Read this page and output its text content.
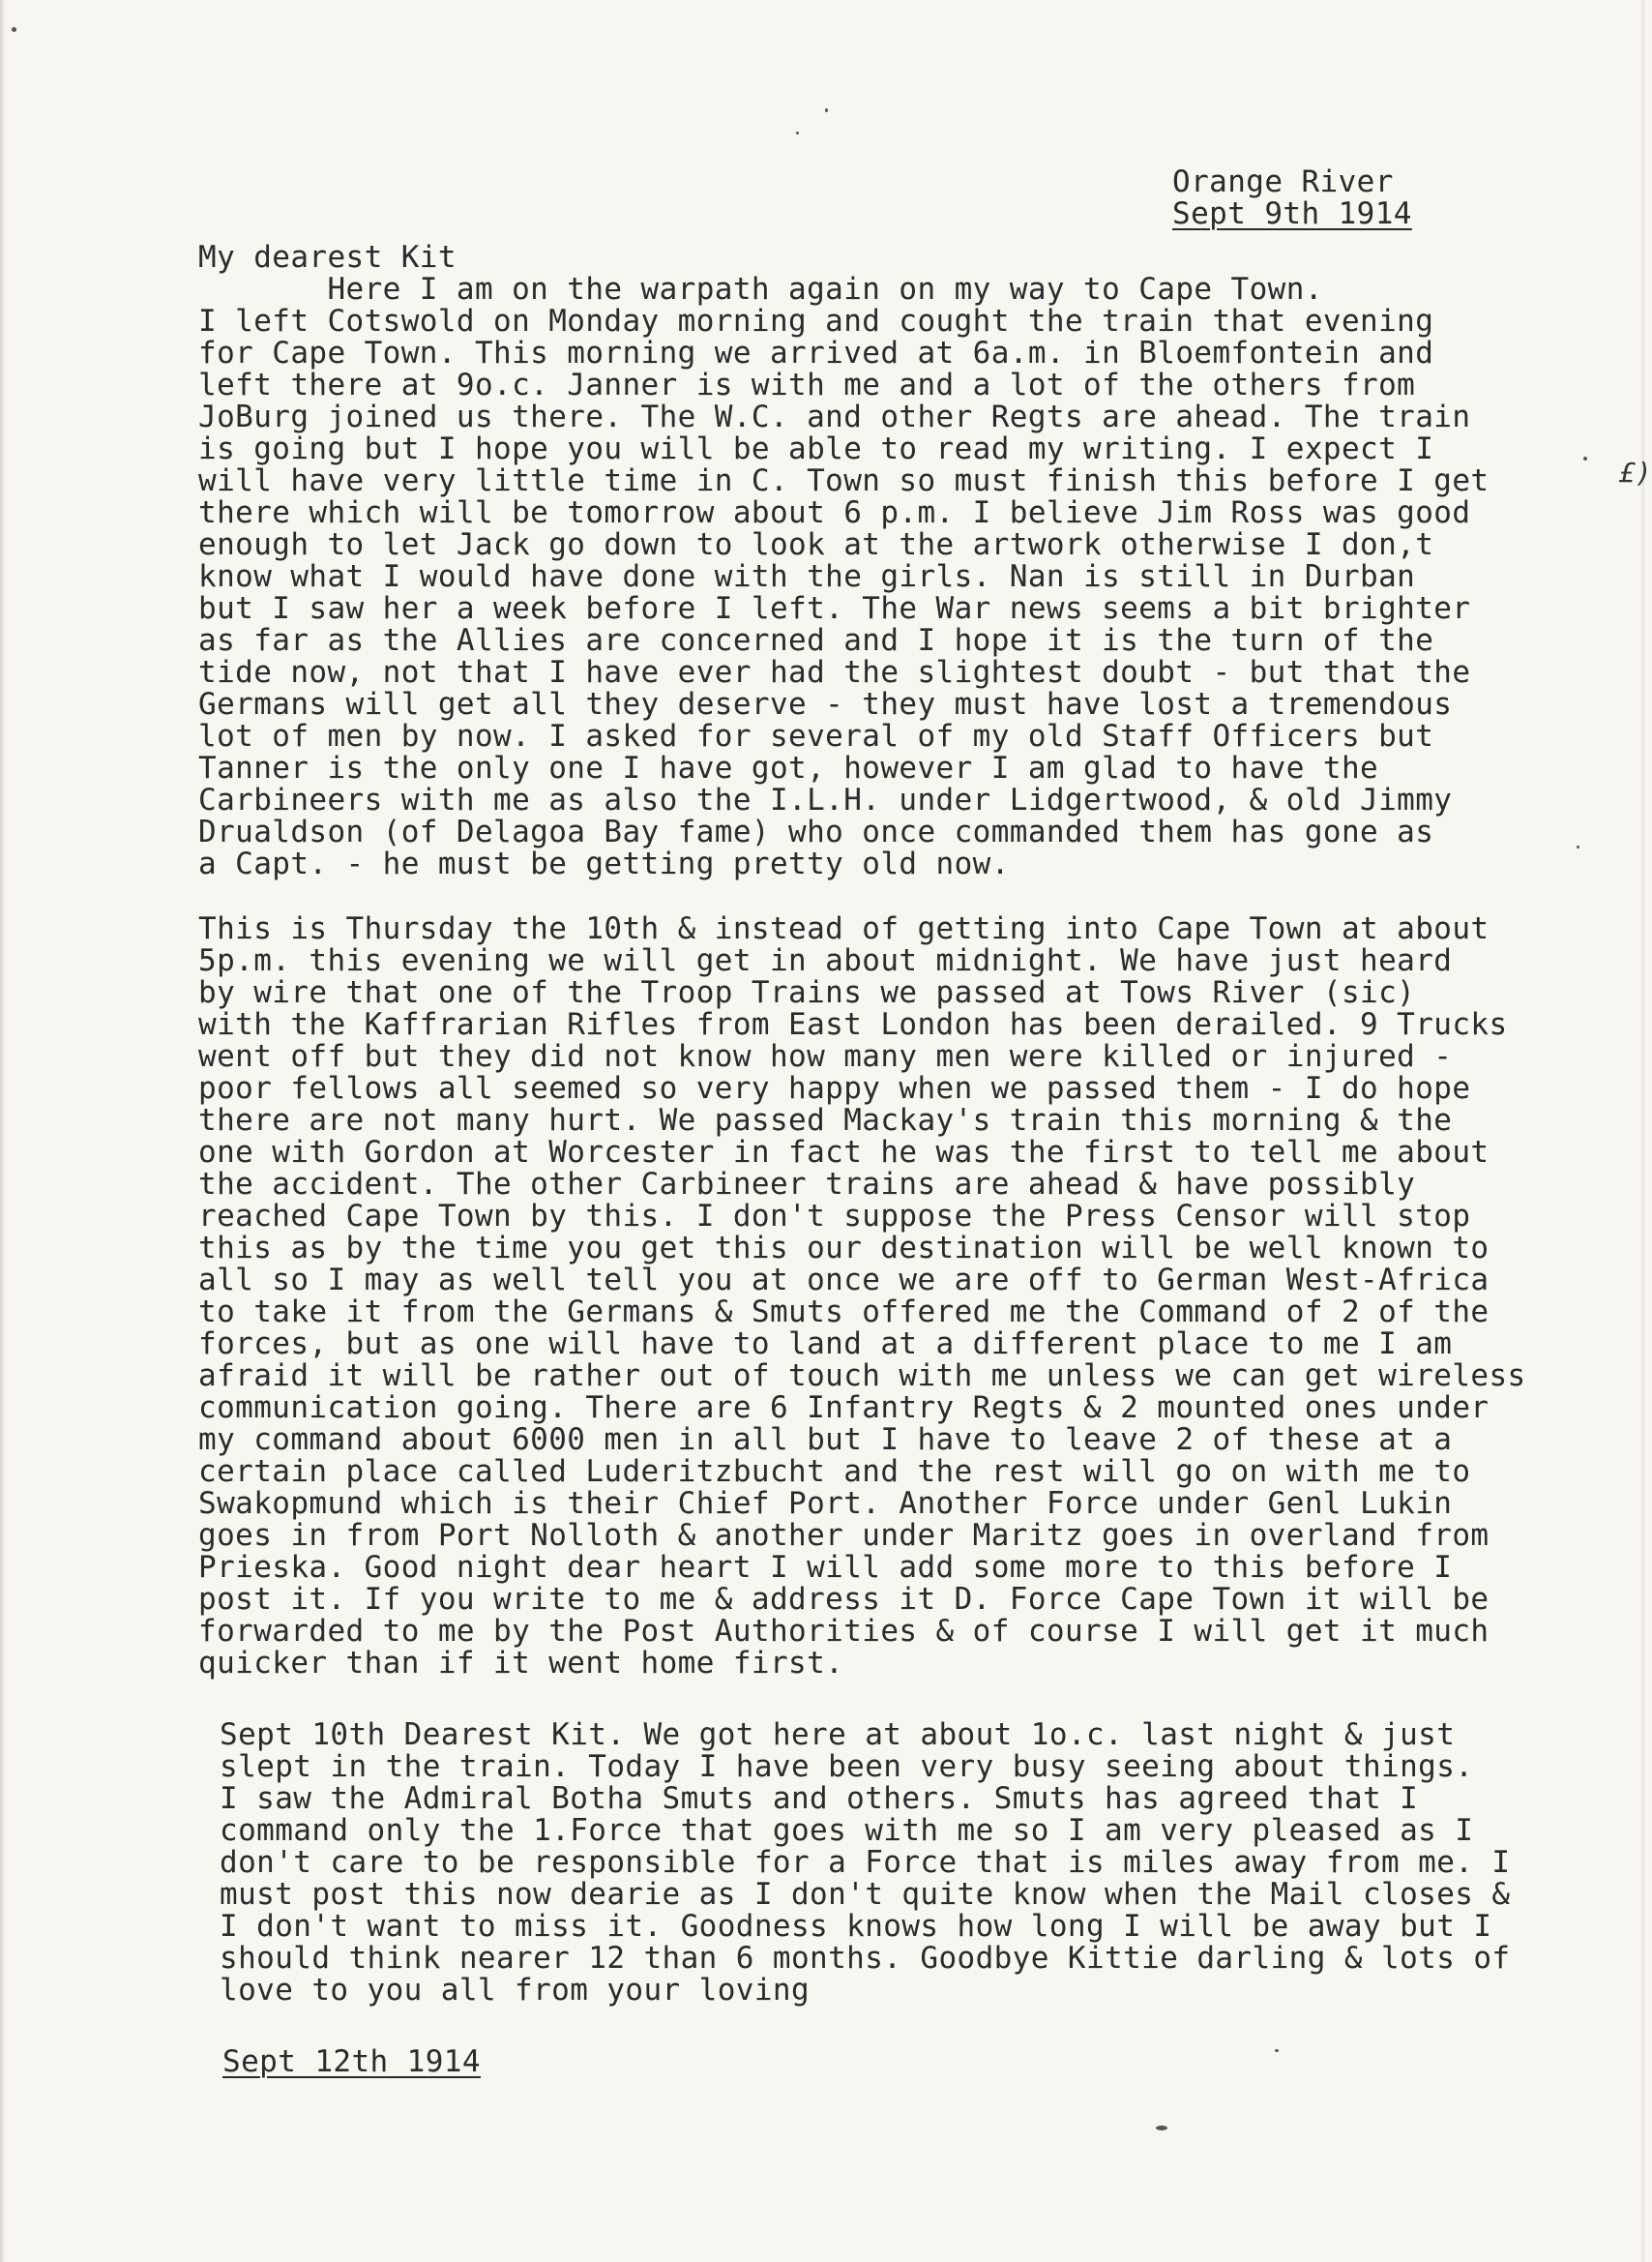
Orange River
Sept 9th 1914
My dearest Kit
£)
Here I am on the warpath again on my way to Cape Town.
I left Cotswold on Monday morning and cought the train that evening
for Cape Town. This morning we arrived at 6a.m. in Bloemfontein and
left there at 9o.c. Janner is with me and a lot of the others from
JoBurg joined us there. The W.C. and other Regts are ahead. The train
is going but I hope you will be able to read my writing. I expect I
will have very little time in C. Town so must finish this before I get
there which will be tomorrow about 6 p.m. I believe Jim Ross was good
enough to let Jack go down to look at the artwork otherwise I don,t
know what I would have done with the girls. Nan is still in Durban
but I saw her a week before I left. The War news seems a bit brighter
as far as the Allies are concerned and I hope it is the turn of the
tide now, not that I have ever had the slightest doubt - but that the
Germans will get all they deserve - they must have lost a tremendous
lot of men by now. I asked for several of my old Staff Officers but
Tanner is the only one I have got, however I am glad to have the
Carbineers with me as also the I.L.H. under Lidgertwood, & old Jimmy
Drualdson (of Delagoa Bay fame) who once commanded them has gone as
a Capt. - he must be getting pretty old now.
This is Thursday the 10th & instead of getting into Cape Town at about
5p.m. this evening we will get in about midnight. We have just heard
by wire that one of the Troop Trains we passed at Tows River (sic)
with the Kaffrarian Rifles from East London has been derailed. 9 Trucks
went off but they did not know how many men were killed or injured -
poor fellows all seemed so very happy when we passed them - I do hope
there are not many hurt. We passed Mackay's train this morning & the
one with Gordon at Worcester in fact he was the first to tell me about
the accident. The other Carbineer trains are ahead & have possibly
reached Cape Town by this. I don't suppose the Press Censor will stop
this as by the time you get this our destination will be well known to
all so I may as well tell you at once we are off to German West-Africa
to take it from the Germans & Smuts offered me the Command of 2 of the
forces, but as one will have to land at a different place to me I am
afraid it will be rather out of touch with me unless we can get wireless
communication going. There are 6 Infantry Regts & 2 mounted ones under
my command about 6000 men in all but I have to leave 2 of these at a
certain place called Luderitzbucht and the rest will go on with me to
Swakopmund which is their Chief Port. Another Force under Genl Lukin
goes in from Port Nolloth & another under Maritz goes in overland from
Prieska. Good night dear heart I will add some more to this before I
post it. If you write to me & address it D. Force Cape Town it will be
forwarded to me by the Post Authorities & of course I will get it much
quicker than if it went home first.
Sept 10th Dearest Kit. We got here at about 1o.c. last night & just
slept in the train. Today I have been very busy seeing about things.
I saw the Admiral Botha Smuts and others. Smuts has agreed that I
command only the 1.Force that goes with me so I am very pleased as I
don't care to be responsible for a Force that is miles away from me. I
must post this now dearie as I don't quite know when the Mail closes &
I don't want to miss it. Goodness knows how long I will be away but I
should think nearer 12 than 6 months. Goodbye Kittie darling & lots of
love to you all from your loving
Sept 12th 1914
